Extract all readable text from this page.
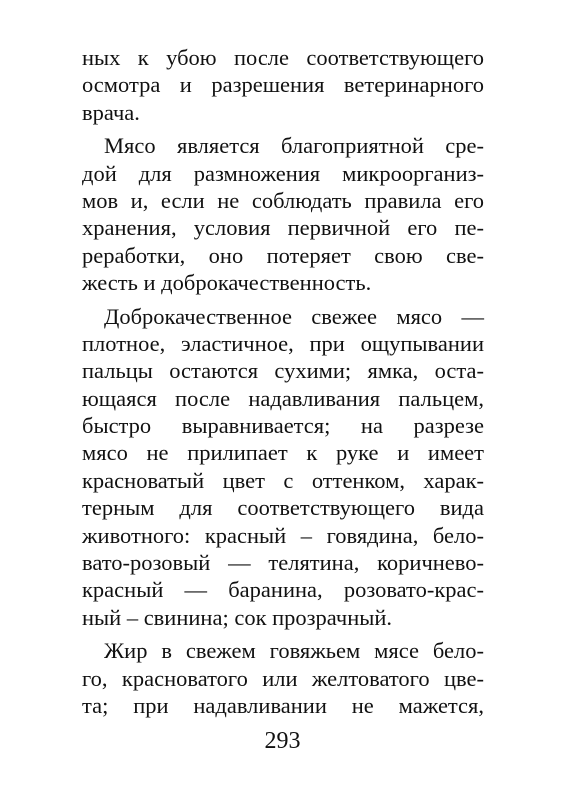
ных к убою после соответствующего
осмотра и разрешения ветеринарного
врача.
Мясо является благоприятной сре-
дой для размножения микроорганиз-
мов и, если не соблюдать правила его
хранения, условия первичной его пе-
реработки, оно потеряет свою све-
жесть и доброкачественность.
Доброкачественное свежее мясо —
плотное, эластичное, при ощупывании
пальцы остаются сухими; ямка, оста-
ющаяся после надавливания пальцем,
быстро выравнивается; на разрезе
мясо не прилипает к руке и имеет
красноватый цвет с оттенком, харак-
терным для соответствующего вида
животного: красный – говядина, бело-
вато-розовый — телятина, коричнево-
красный — баранина, розовато-крас-
ный – свинина; сок прозрачный.
Жир в свежем говяжьем мясе бело-
го, красноватого или желтоватого цве-
та; при надавливании не мажется,
293
